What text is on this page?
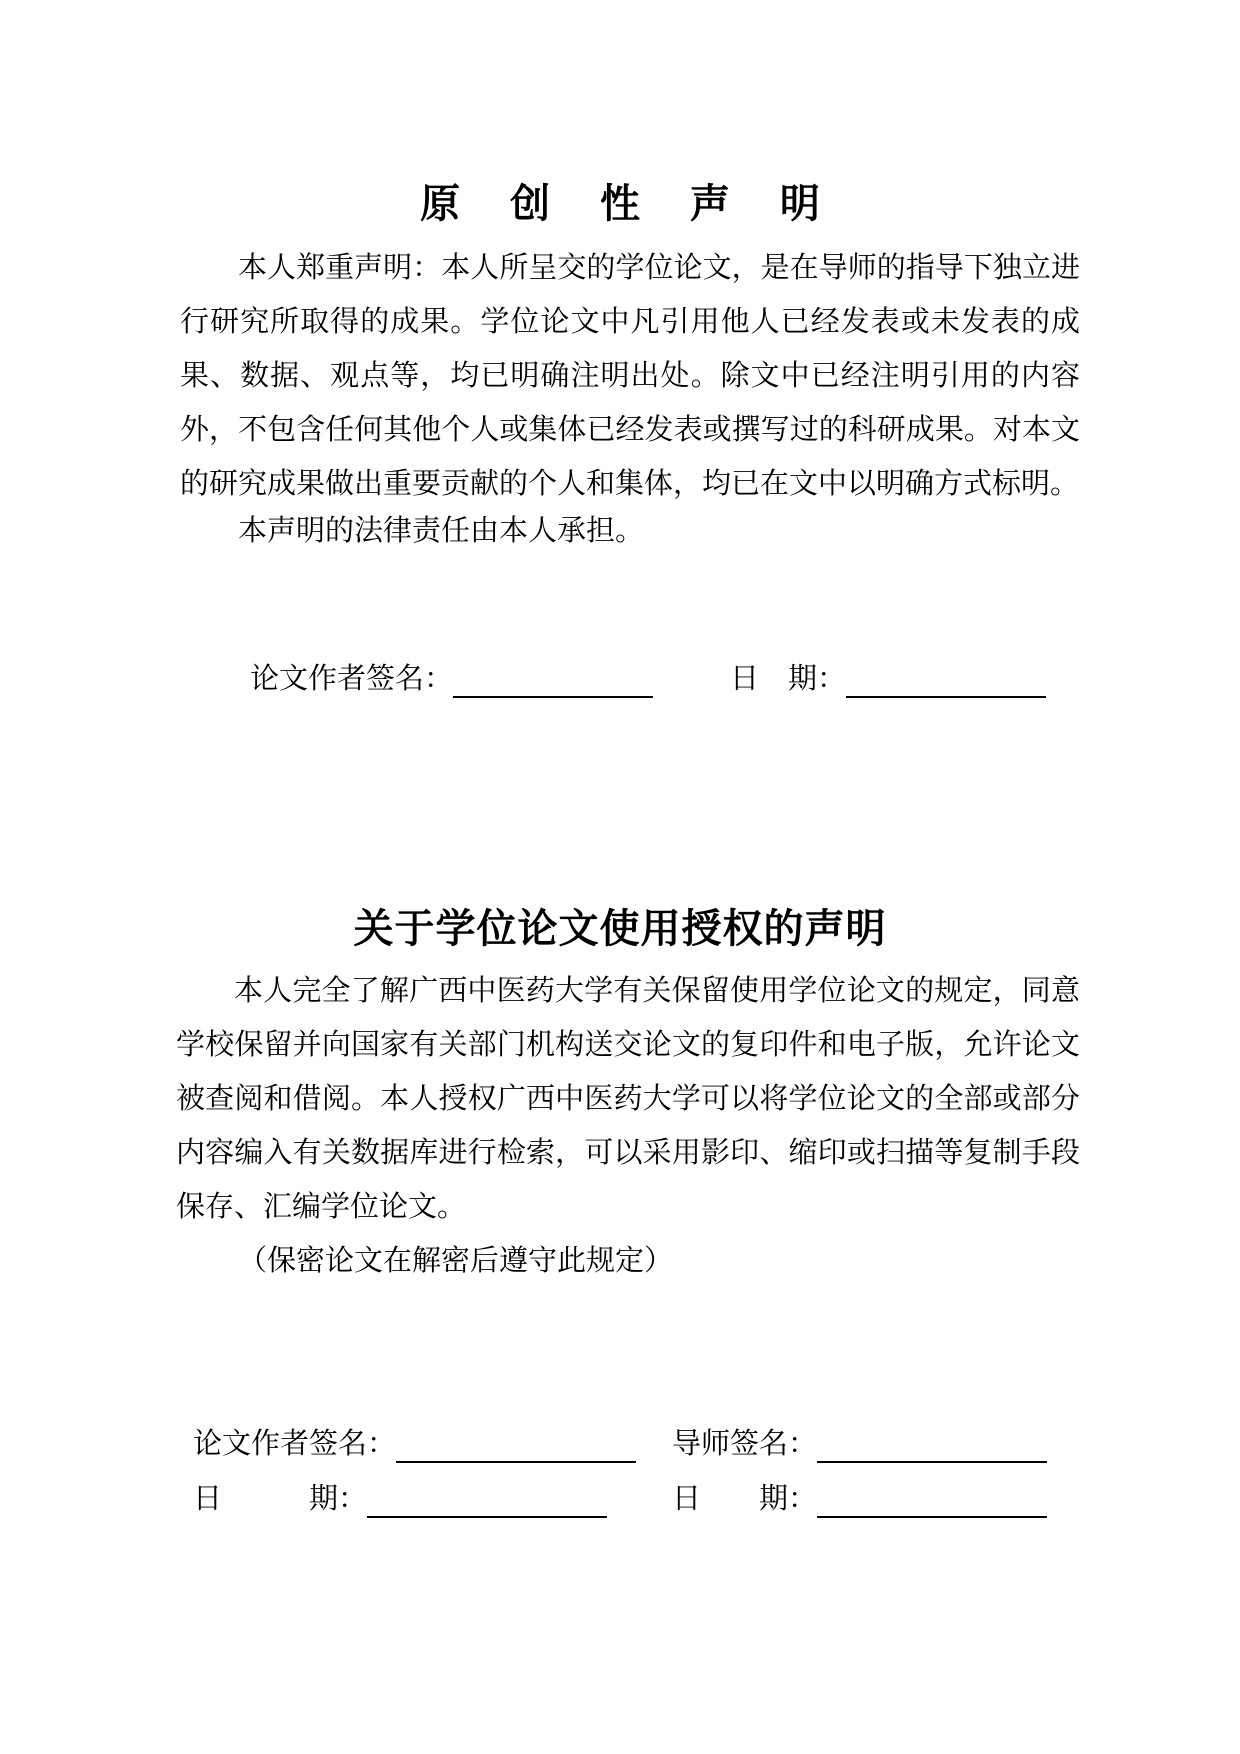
原 创 性 声 明

本人郑重声明：本人所呈交的学位论文，是在导师的指导下独立进行研究所取得的成果。学位论文中凡引用他人已经发表或未发表的成果、数据、观点等，均已明确注明出处。除文中已经注明引用的内容外，不包含任何其他个人或集体已经发表或撰写过的科研成果。对本文的研究成果做出重要贡献的个人和集体，均已在文中以明确方式标明。

本声明的法律责任由本人承担。

论文作者签名：	日　期：
关于学位论文使用授权的声明

本人完全了解广西中医药大学有关保留使用学位论文的规定，同意学校保留并向国家有关部门机构送交论文的复印件和电子版，允许论文被查阅和借阅。本人授权广西中医药大学可以将学位论文的全部或部分内容编入有关数据库进行检索，可以采用影印、缩印或扫描等复制手段保存、汇编学位论文。

（保密论文在解密后遵守此规定）

论文作者签名：	导师签名：
日　　　期：	日　　期：
